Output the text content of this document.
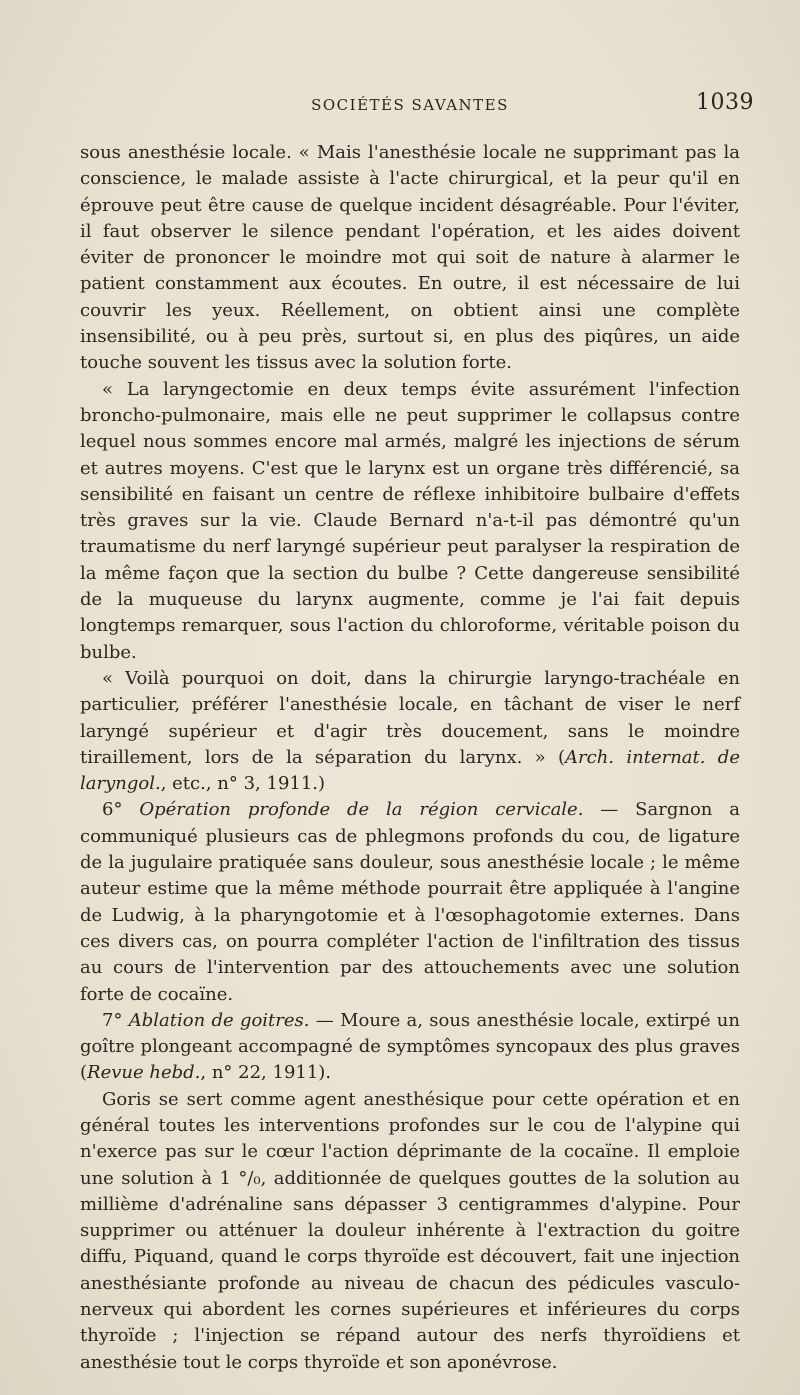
SOCIÉTÉS SAVANTES	1039

sous anesthésie locale. « Mais l'anesthésie locale ne supprimant pas la conscience, le malade assiste à l'acte chirurgical, et la peur qu'il en éprouve peut être cause de quelque incident désagréable. Pour l'éviter, il faut observer le silence pendant l'opération, et les aides doivent éviter de prononcer le moindre mot qui soit de nature à alarmer le patient constamment aux écoutes. En outre, il est nécessaire de lui couvrir les yeux. Réellement, on obtient ainsi une complète insensibilité, ou à peu près, surtout si, en plus des piqûres, un aide touche souvent les tissus avec la solution forte.

« La laryngectomie en deux temps évite assurément l'infection broncho-pulmonaire, mais elle ne peut supprimer le collapsus contre lequel nous sommes encore mal armés, malgré les injections de sérum et autres moyens. C'est que le larynx est un organe très différencié, sa sensibilité en faisant un centre de réflexe inhibitoire bulbaire d'effets très graves sur la vie. Claude Bernard n'a-t-il pas démontré qu'un traumatisme du nerf laryngé supérieur peut paralyser la respiration de la même façon que la section du bulbe ? Cette dangereuse sensibilité de la muqueuse du larynx augmente, comme je l'ai fait depuis longtemps remarquer, sous l'action du chloroforme, véritable poison du bulbe.

« Voilà pourquoi on doit, dans la chirurgie laryngo-trachéale en particulier, préférer l'anesthésie locale, en tâchant de viser le nerf laryngé supérieur et d'agir très doucement, sans le moindre tiraillement, lors de la séparation du larynx. » (Arch. internat. de laryngol., etc., n° 3, 1911.)

6° Opération profonde de la région cervicale. — Sargnon a communiqué plusieurs cas de phlegmons profonds du cou, de ligature de la jugulaire pratiquée sans douleur, sous anesthésie locale ; le même auteur estime que la même méthode pourrait être appliquée à l'angine de Ludwig, à la pharyngotomie et à l'œsophagotomie externes. Dans ces divers cas, on pourra compléter l'action de l'infiltration des tissus au cours de l'intervention par des attouchements avec une solution forte de cocaïne.

7° Ablation de goitres. — Moure a, sous anesthésie locale, extirpé un goître plongeant accompagné de symptômes syncopaux des plus graves (Revue hebd., n° 22, 1911).

Goris se sert comme agent anesthésique pour cette opération et en général toutes les interventions profondes sur le cou de l'alypine qui n'exerce pas sur le cœur l'action déprimante de la cocaïne. Il emploie une solution à 1 °/₀, additionnée de quelques gouttes de la solution au millième d'adrénaline sans dépasser 3 centigrammes d'alypine. Pour supprimer ou atténuer la douleur inhérente à l'extraction du goitre diffu, Piquand, quand le corps thyroïde est découvert, fait une injection anesthésiante profonde au niveau de chacun des pédicules vasculo-nerveux qui abordent les cornes supérieures et inférieures du corps thyroïde ; l'injection se répand autour des nerfs thyroïdiens et anesthésie tout le corps thyroïde et son aponévrose.
